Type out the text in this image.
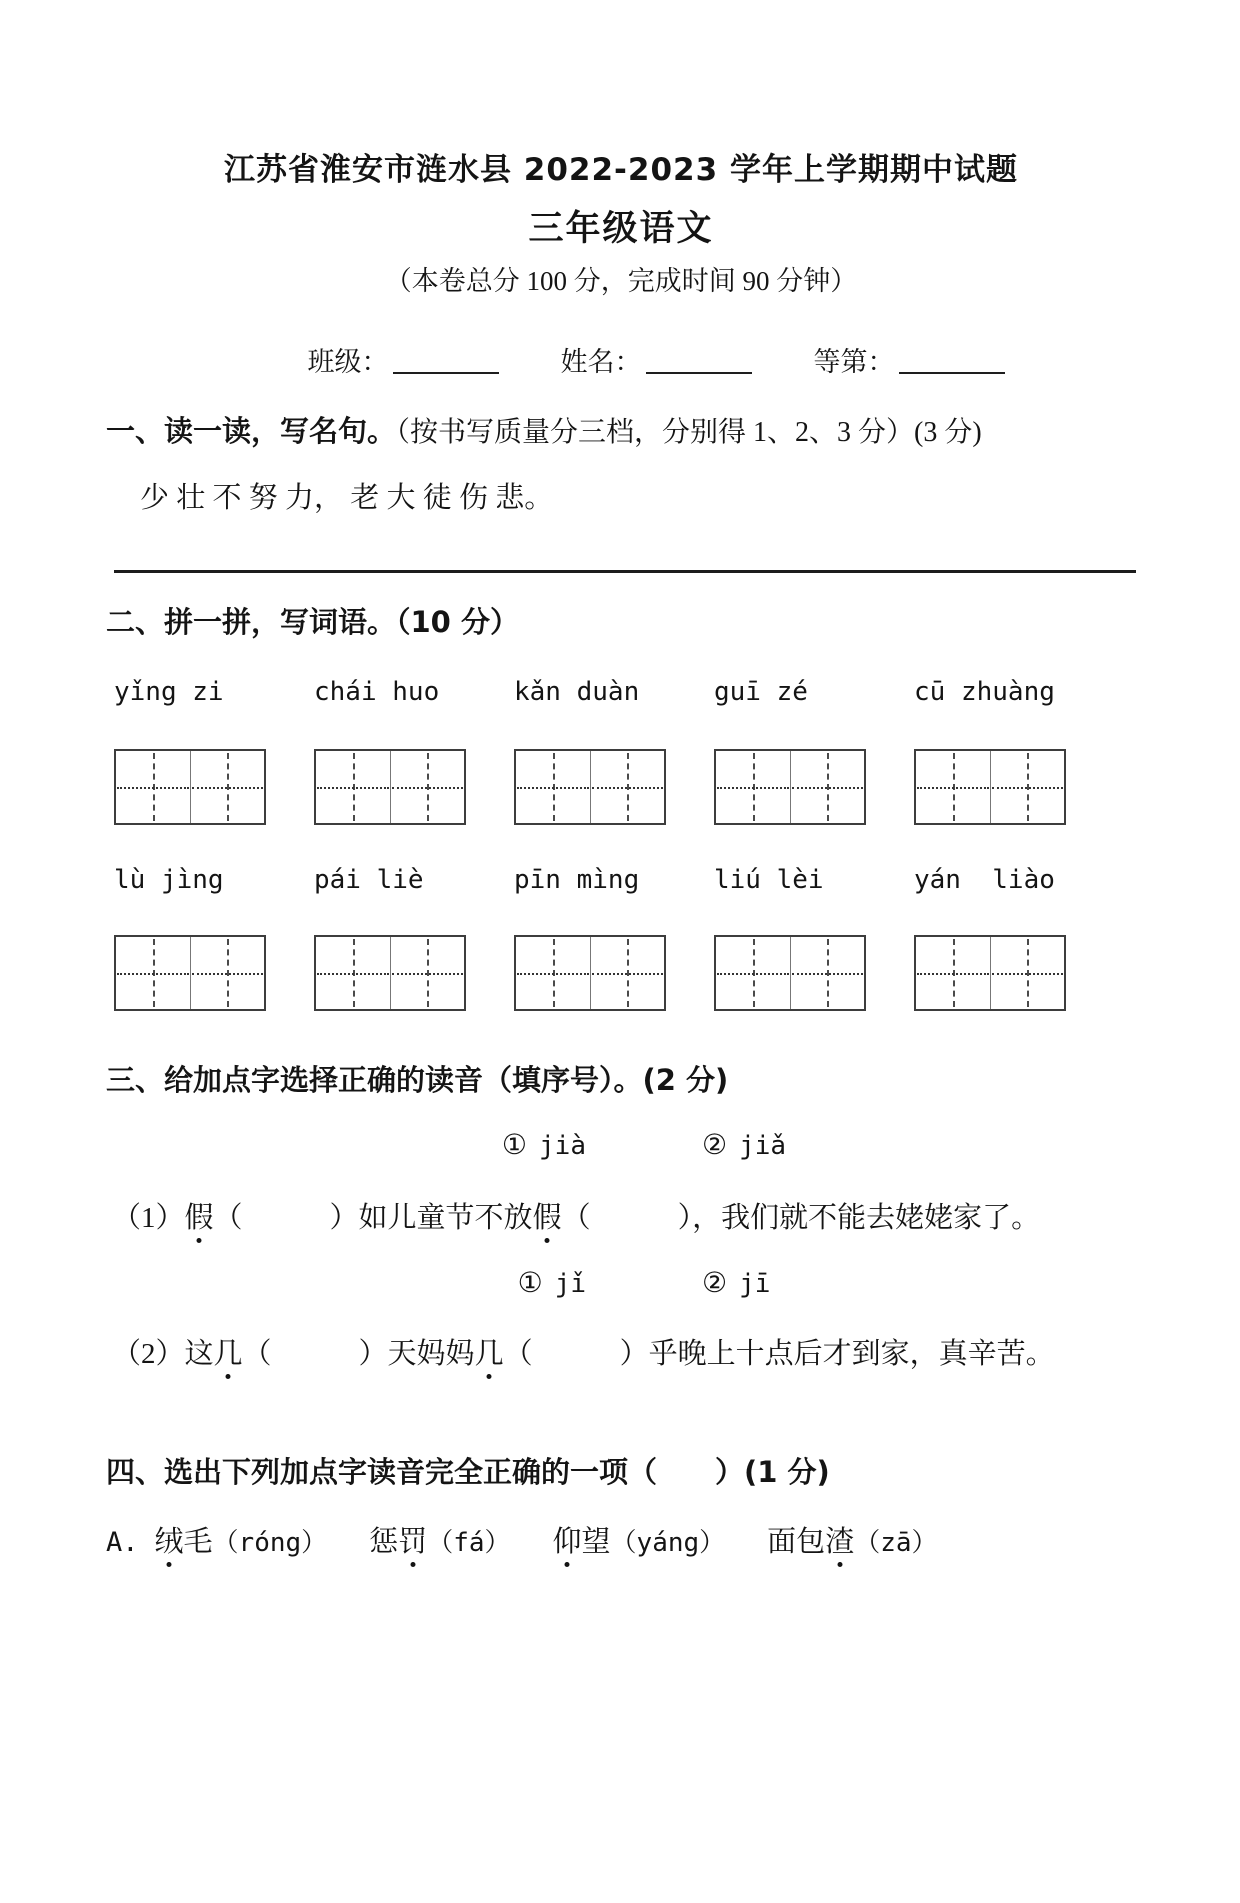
江苏省淮安市涟水县 2022-2023 学年上学期期中试题
三年级语文

（本卷总分 100 分，完成时间 90 分钟）

班级：	姓名：	等第：

一、读一读，写名句。（按书写质量分三档，分别得 1、2、3 分）(3 分)

少 壮 不 努 力， 老 大 徒 伤 悲。

二、拼一拼，写词语。（10 分）

yǐng zi	chái huo	kǎn duàn	guī zé	cū zhuàng
lù jìng	pái liè	pīn mìng	liú lèi	yán  liào

三、给加点字选择正确的读音（填序号）。(2 分)

① jià	② jiǎ

（1）假（　　　）如儿童节不放假（　　　），我们就不能去姥姥家了。

① jǐ	② jī

（2）这几（　　　）天妈妈几（　　　）乎晚上十点后才到家，真辛苦。

四、选出下列加点字读音完全正确的一项（　　）(1 分)

A. 绒毛（róng） 惩罚（fá） 仰望（yáng） 面包渣（zā）
